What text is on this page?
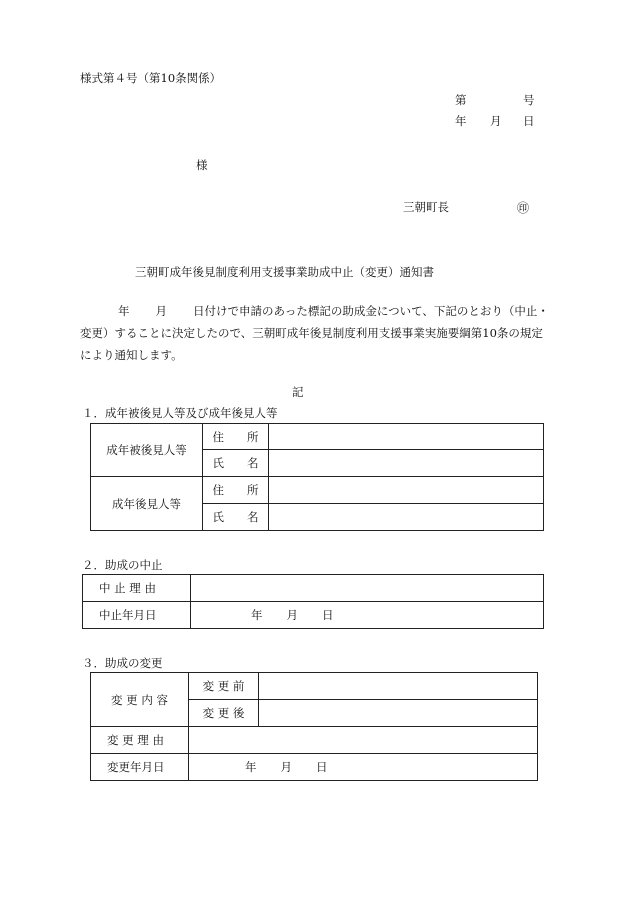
様式第４号（第10条関係）
第	号
年 月 日
様
三朝町長	㊞
三朝町成年後見制度利用支援事業助成中止（変更）通知書
年 月 日付けで申請のあった標記の助成金について、下記のとおり（中止・
変更）することに決定したので、三朝町成年後見制度利用支援事業実施要綱第10条の規定
により通知します。
記
１．成年被後見人等及び成年後見人等
成年被後見人等	住　　所	
	氏　　名	
成年後見人等	住　　所	
	氏　　名	
２．助成の中止
中 止 理 由	
中止年月日	年 月 日
３．助成の変更
変 更 内 容	変 更 前	
	変 更 後	
変 更 理 由		
変更年月日	年 月 日	
